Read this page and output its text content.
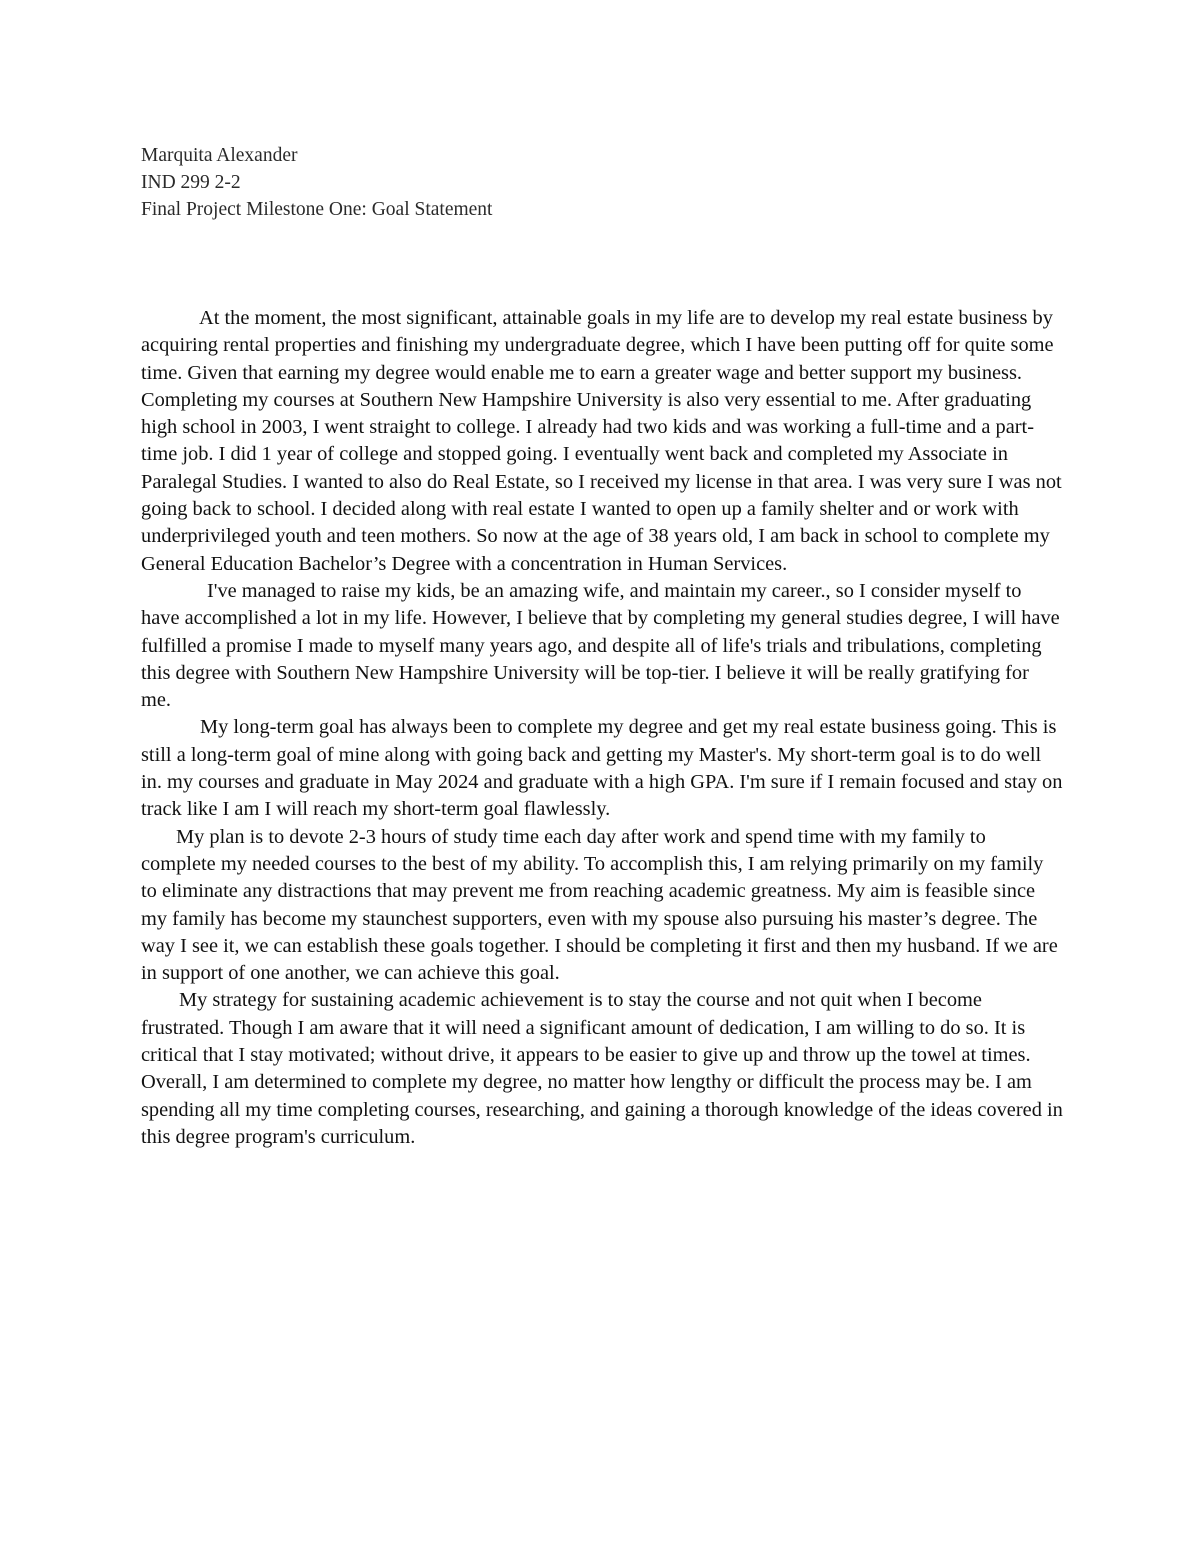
Marquita Alexander
IND 299 2-2
Final Project Milestone One: Goal Statement

At the moment, the most significant, attainable goals in my life are to develop my real estate business by acquiring rental properties and finishing my undergraduate degree, which I have been putting off for quite some time. Given that earning my degree would enable me to earn a greater wage and better support my business. Completing my courses at Southern New Hampshire University is also very essential to me. After graduating high school in 2003, I went straight to college. I already had two kids and was working a full-time and a part-time job. I did 1 year of college and stopped going. I eventually went back and completed my Associate in Paralegal Studies. I wanted to also do Real Estate, so I received my license in that area. I was very sure I was not going back to school. I decided along with real estate I wanted to open up a family shelter and or work with underprivileged youth and teen mothers. So now at the age of 38 years old, I am back in school to complete my General Education Bachelor’s Degree with a concentration in Human Services.

I've managed to raise my kids, be an amazing wife, and maintain my career., so I consider myself to have accomplished a lot in my life. However, I believe that by completing my general studies degree, I will have fulfilled a promise I made to myself many years ago, and despite all of life's trials and tribulations, completing this degree with Southern New Hampshire University will be top-tier. I believe it will be really gratifying for me.

My long-term goal has always been to complete my degree and get my real estate business going. This is still a long-term goal of mine along with going back and getting my Master's. My short-term goal is to do well in. my courses and graduate in May 2024 and graduate with a high GPA. I'm sure if I remain focused and stay on track like I am I will reach my short-term goal flawlessly.

My plan is to devote 2-3 hours of study time each day after work and spend time with my family to complete my needed courses to the best of my ability. To accomplish this, I am relying primarily on my family to eliminate any distractions that may prevent me from reaching academic greatness. My aim is feasible since my family has become my staunchest supporters, even with my spouse also pursuing his master’s degree. The way I see it, we can establish these goals together. I should be completing it first and then my husband. If we are in support of one another, we can achieve this goal.

My strategy for sustaining academic achievement is to stay the course and not quit when I become frustrated. Though I am aware that it will need a significant amount of dedication, I am willing to do so. It is critical that I stay motivated; without drive, it appears to be easier to give up and throw up the towel at times. Overall, I am determined to complete my degree, no matter how lengthy or difficult the process may be. I am spending all my time completing courses, researching, and gaining a thorough knowledge of the ideas covered in this degree program's curriculum.
